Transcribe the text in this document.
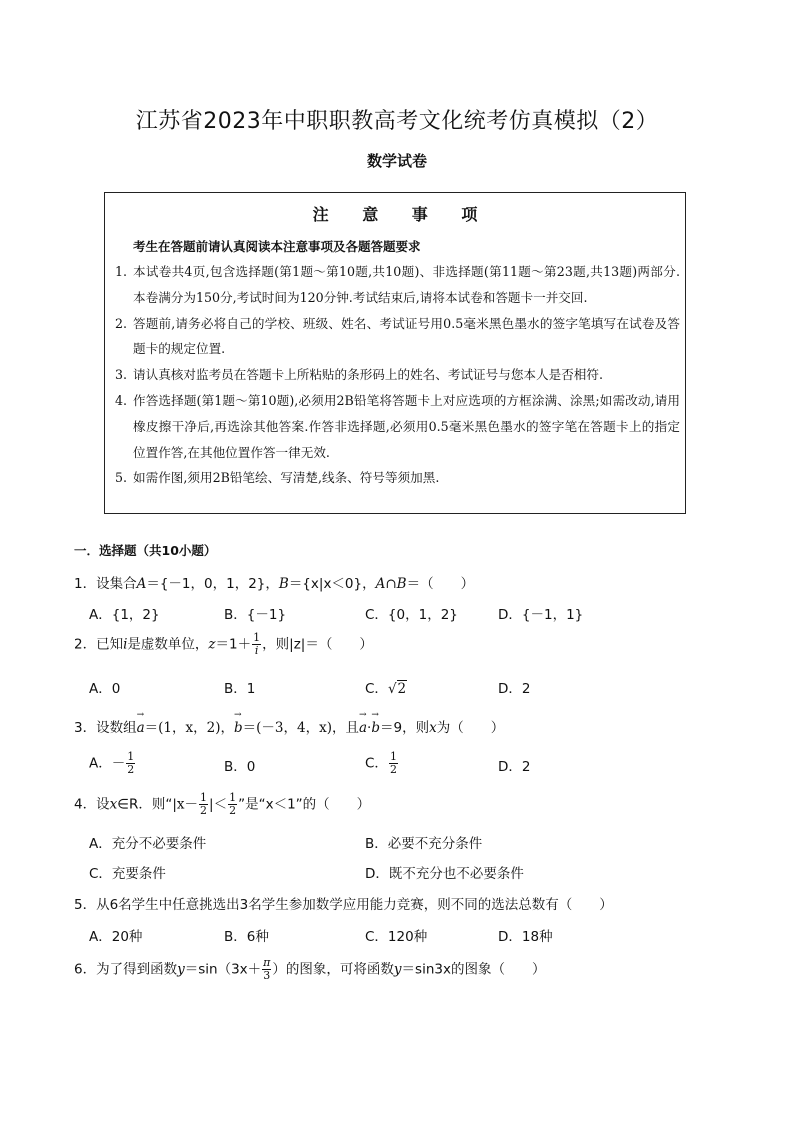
江苏省2023年中职职教高考文化统考仿真模拟（2）
数学试卷
注 意 事 项
考生在答题前请认真阅读本注意事项及各题答题要求
1. 本试卷共4页,包含选择题(第1题～第10题,共10题)、非选择题(第11题～第23题,共13题)两部分.本卷满分为150分,考试时间为120分钟.考试结束后,请将本试卷和答题卡一并交回.
2. 答题前,请务必将自己的学校、班级、姓名、考试证号用0.5毫米黑色墨水的签字笔填写在试卷及答题卡的规定位置.
3. 请认真核对监考员在答题卡上所粘贴的条形码上的姓名、考试证号与您本人是否相符.
4. 作答选择题(第1题～第10题),必须用2B铅笔将答题卡上对应选项的方框涂满、涂黑;如需改动,请用橡皮擦干净后,再选涂其他答案.作答非选择题,必须用0.5毫米黑色墨水的签字笔在答题卡上的指定位置作答,在其他位置作答一律无效.
5. 如需作图,须用2B铅笔绘、写清楚,线条、符号等须加黑.
一．选择题（共10小题）
1．设集合A＝{－1，0，1，2}，B＝{x|x＜0}，A∩B＝（　　）
A．{1，2}	B．{－1}	C．{0，1，2}	D．{－1，1}
2．已知i是虚数单位，$z=1+ \frac{1}{i}$ ，则|z|＝（　　）
A．0	B．1	C．√2	D．2
3．设数组→ a＝(1，x，2)，→ b＝(－3，4，x)，且→ a·→ b＝9，则x为（　　）
A．－ $\frac{1}{2}$	B．0	C． $\frac{1}{2}$	D．2
4．设x∈R．则“$|x- \frac{1}{2}$ |＜ $\frac{1}{2}$ ”是“x＜1”的（　　）
A．充分不必要条件	B．必要不充分条件
C．充要条件	D．既不充分也不必要条件
5．从6名学生中任意挑选出3名学生参加数学应用能力竞赛，则不同的选法总数有（　　）
A．20种	B．6种	C．120种	D．18种
6．为了得到函数$y=\sin(3x+ \frac{\pi}{3}$ ）的图象，可将函数y＝sin3x的图象（　　）
